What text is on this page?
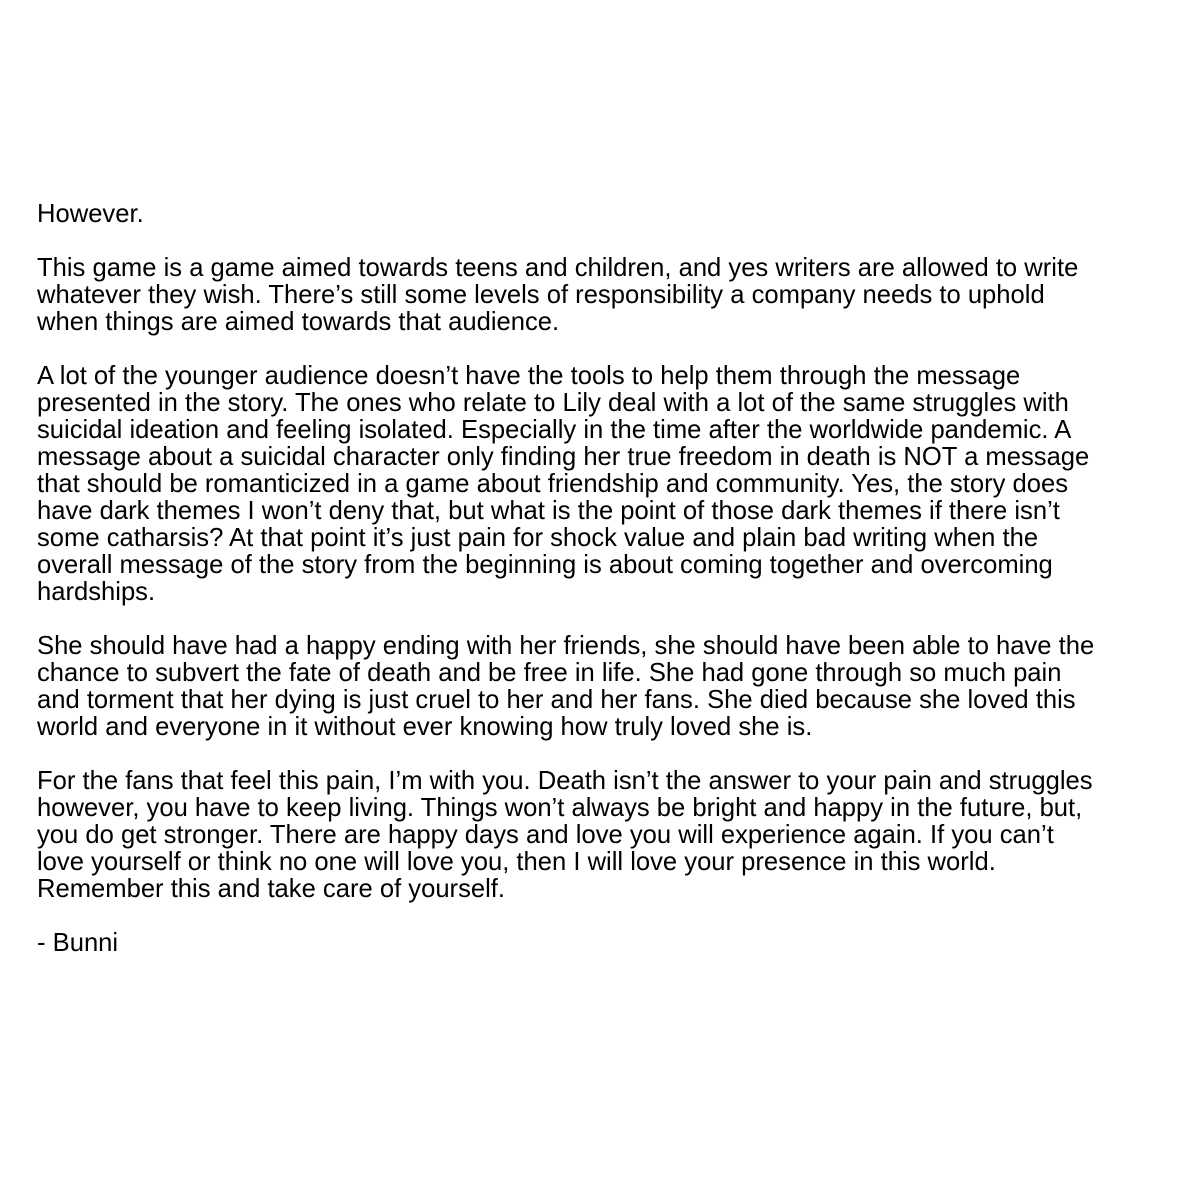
However.

This game is a game aimed towards teens and children, and yes writers are allowed to write
whatever they wish. There’s still some levels of responsibility a company needs to uphold
when things are aimed towards that audience.

A lot of the younger audience doesn’t have the tools to help them through the message
presented in the story. The ones who relate to Lily deal with a lot of the same struggles with
suicidal ideation and feeling isolated. Especially in the time after the worldwide pandemic. A
message about a suicidal character only finding her true freedom in death is NOT a message
that should be romanticized in a game about friendship and community. Yes, the story does
have dark themes I won’t deny that, but what is the point of those dark themes if there isn’t
some catharsis? At that point it’s just pain for shock value and plain bad writing when the
overall message of the story from the beginning is about coming together and overcoming
hardships.

She should have had a happy ending with her friends, she should have been able to have the
chance to subvert the fate of death and be free in life. She had gone through so much pain
and torment that her dying is just cruel to her and her fans. She died because she loved this
world and everyone in it without ever knowing how truly loved she is.

For the fans that feel this pain, I’m with you. Death isn’t the answer to your pain and struggles
however, you have to keep living. Things won’t always be bright and happy in the future, but,
you do get stronger. There are happy days and love you will experience again. If you can’t
love yourself or think no one will love you, then I will love your presence in this world.
Remember this and take care of yourself.

- Bunni
